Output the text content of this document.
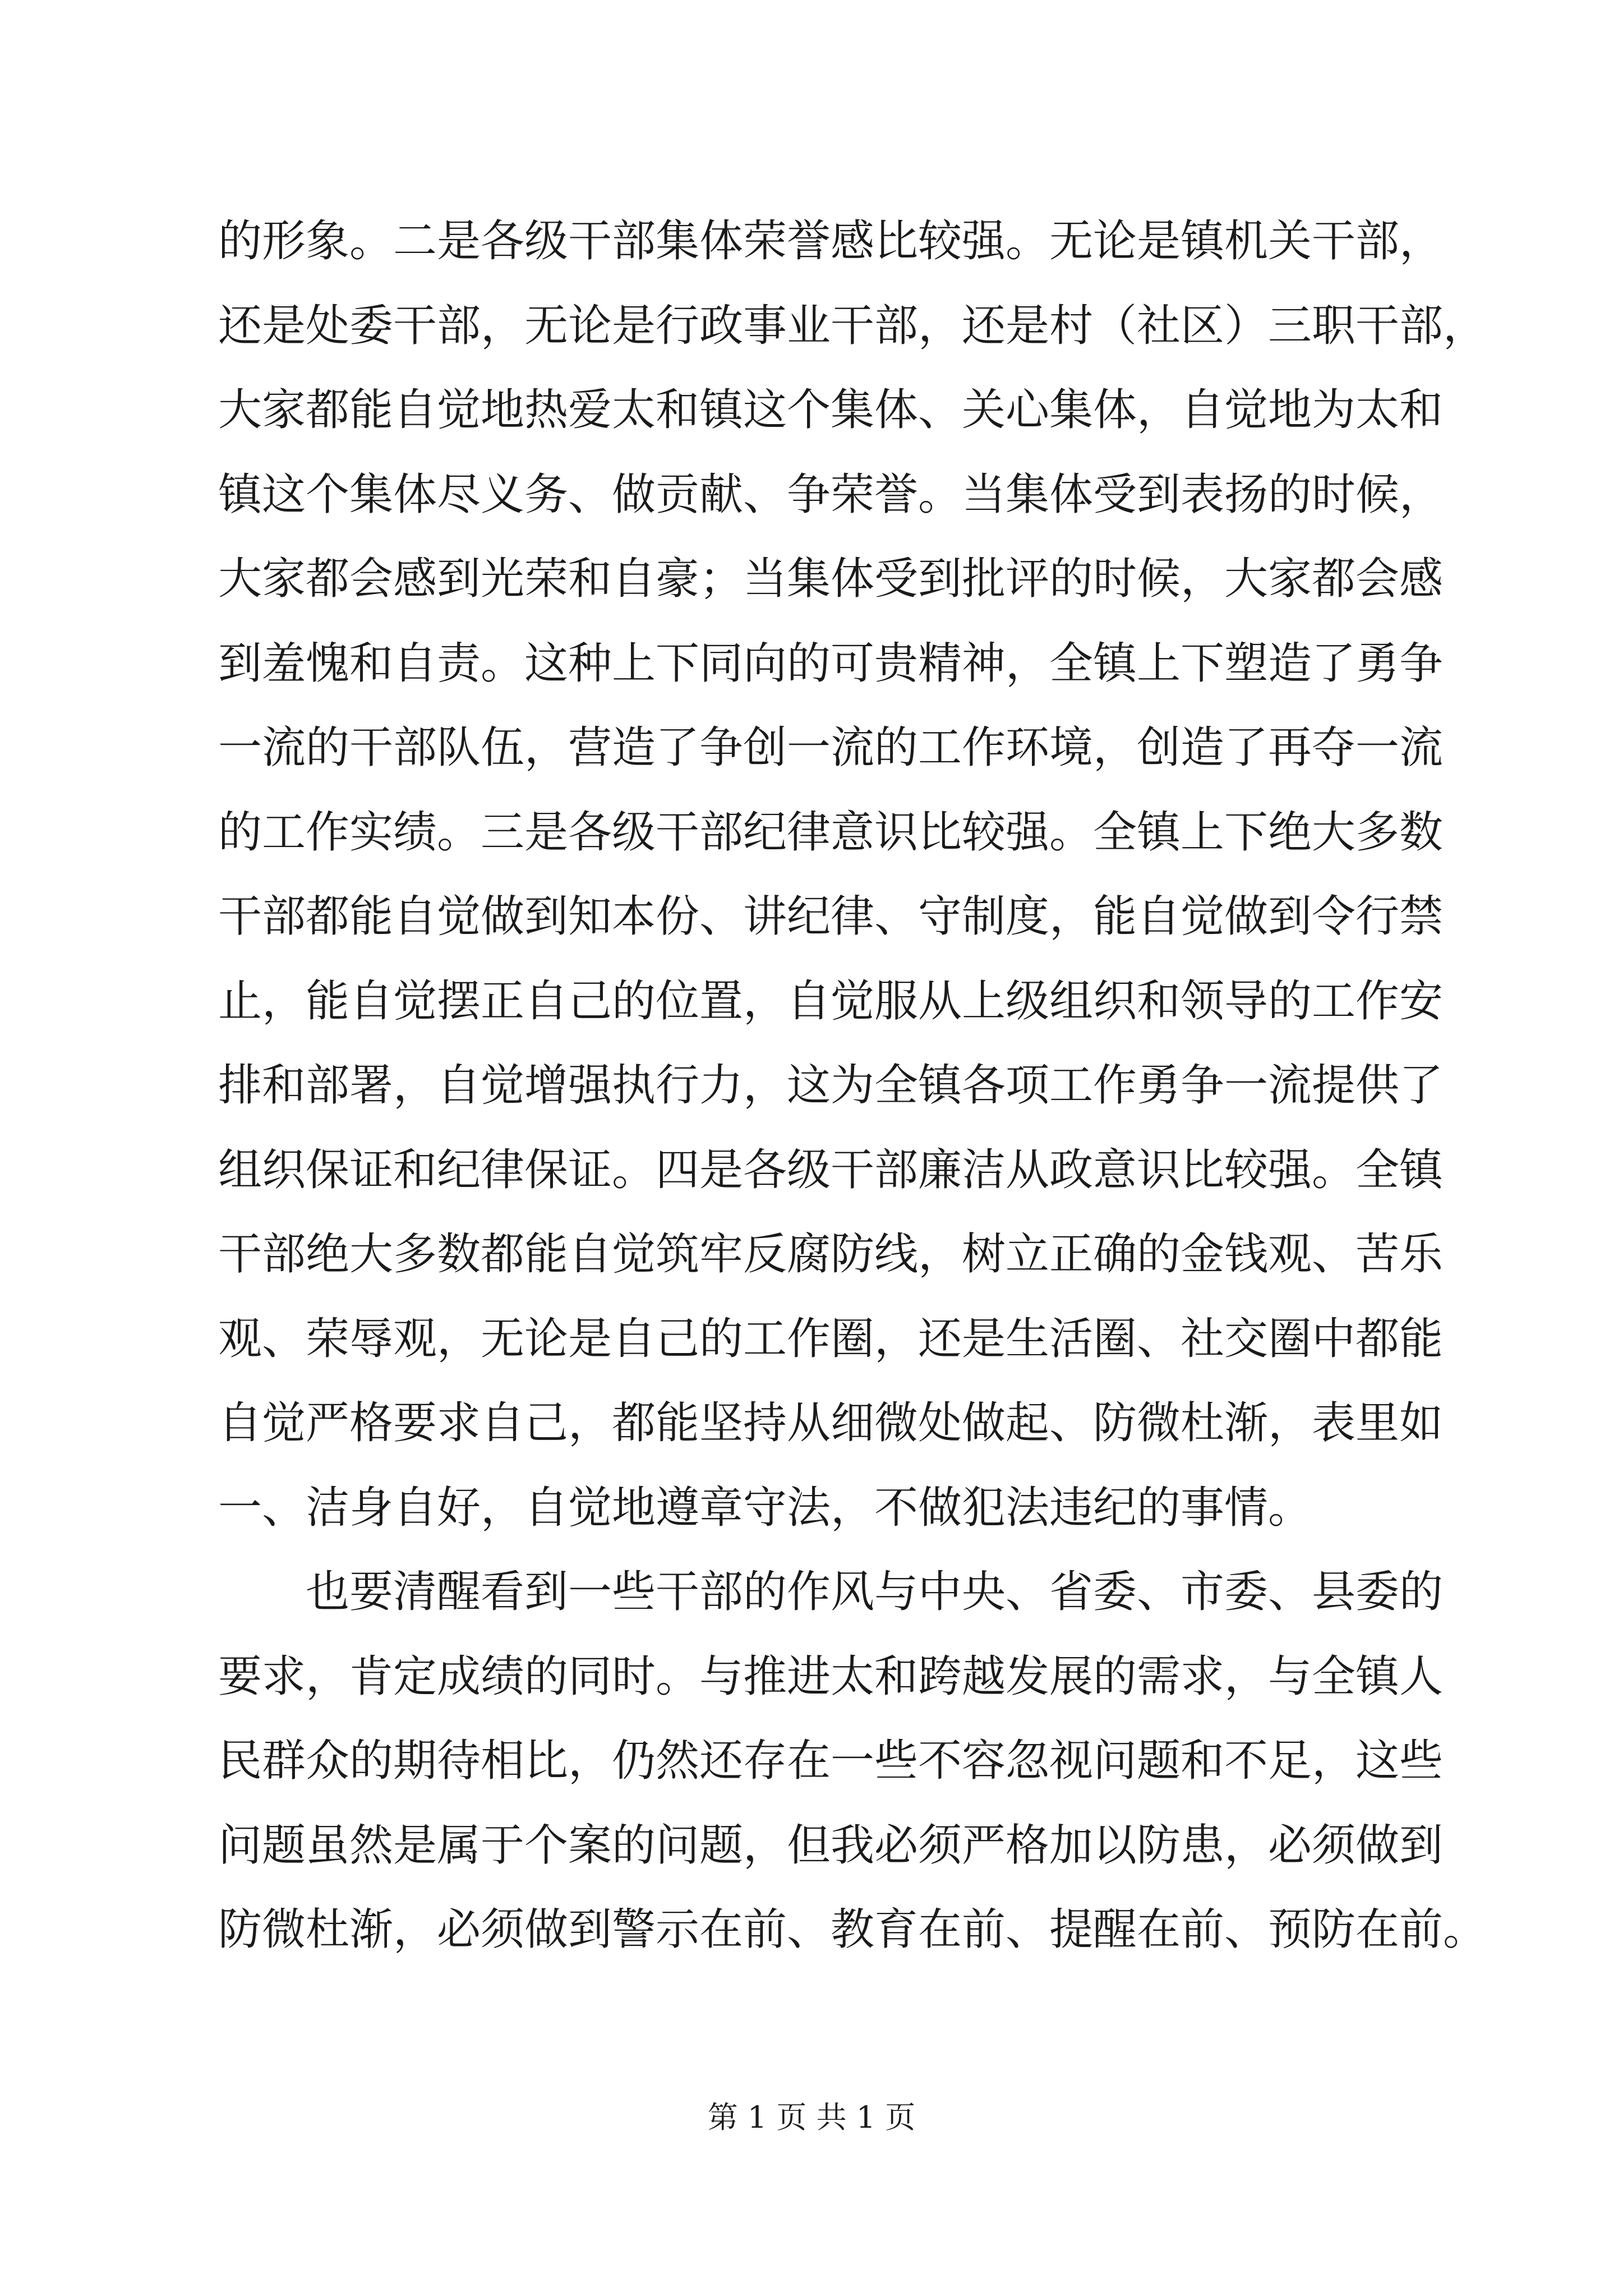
的形象。二是各级干部集体荣誉感比较强。无论是镇机关干部，
还是处委干部，无论是行政事业干部，还是村（社区）三职干部，
大家都能自觉地热爱太和镇这个集体、关心集体，自觉地为太和
镇这个集体尽义务、做贡献、争荣誉。当集体受到表扬的时候，
大家都会感到光荣和自豪；当集体受到批评的时候，大家都会感
到羞愧和自责。这种上下同向的可贵精神，全镇上下塑造了勇争
一流的干部队伍，营造了争创一流的工作环境，创造了再夺一流
的工作实绩。三是各级干部纪律意识比较强。全镇上下绝大多数
干部都能自觉做到知本份、讲纪律、守制度，能自觉做到令行禁
止，能自觉摆正自己的位置，自觉服从上级组织和领导的工作安
排和部署，自觉增强执行力，这为全镇各项工作勇争一流提供了
组织保证和纪律保证。四是各级干部廉洁从政意识比较强。全镇
干部绝大多数都能自觉筑牢反腐防线，树立正确的金钱观、苦乐
观、荣辱观，无论是自己的工作圈，还是生活圈、社交圈中都能
自觉严格要求自己，都能坚持从细微处做起、防微杜渐，表里如
一、洁身自好，自觉地遵章守法，不做犯法违纪的事情。
也要清醒看到一些干部的作风与中央、省委、市委、县委的
要求，肯定成绩的同时。与推进太和跨越发展的需求，与全镇人
民群众的期待相比，仍然还存在一些不容忽视问题和不足，这些
问题虽然是属于个案的问题，但我必须严格加以防患，必须做到
防微杜渐，必须做到警示在前、教育在前、提醒在前、预防在前。
第 1 页 共 1 页
